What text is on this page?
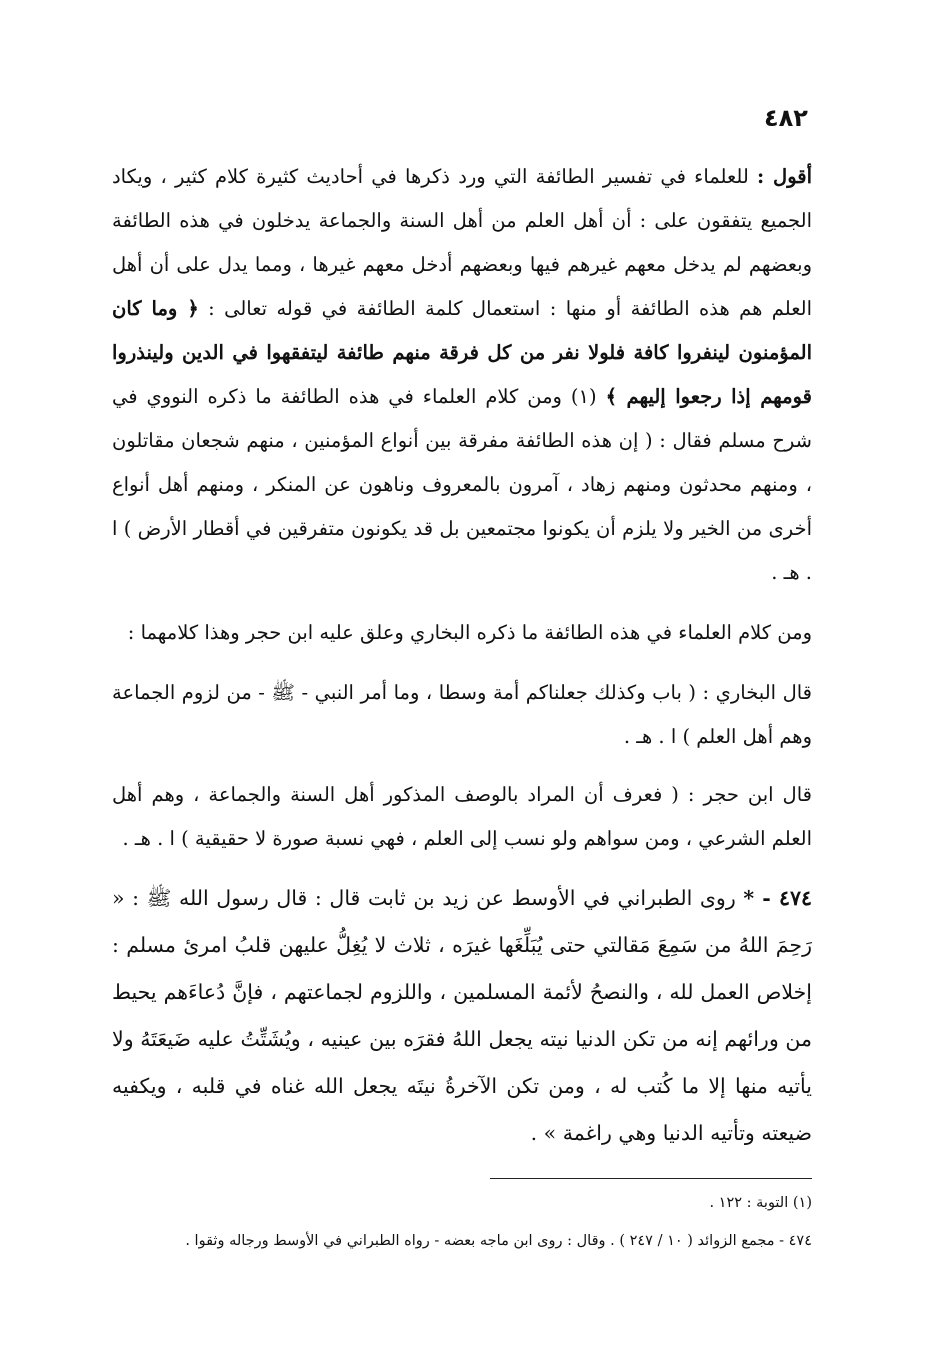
٤٨٢

أقول : للعلماء في تفسير الطائفة التي ورد ذكرها في أحاديث كثيرة كلام كثير ، ويكاد الجميع يتفقون على : أن أهل العلم من أهل السنة والجماعة يدخلون في هذه الطائفة وبعضهم لم يدخل معهم غيرهم فيها وبعضهم أدخل معهم غيرها ، ومما يدل على أن أهل العلم هم هذه الطائفة أو منها : استعمال كلمة الطائفة في قوله تعالى : ﴿ وما كان المؤمنون لينفروا كافة فلولا نفر من كل فرقة منهم طائفة ليتفقهوا في الدين ولينذروا قومهم إذا رجعوا إليهم ﴾ (١) ومن كلام العلماء في هذه الطائفة ما ذكره النووي في شرح مسلم فقال : ( إن هذه الطائفة مفرقة بين أنواع المؤمنين ، منهم شجعان مقاتلون ، ومنهم محدثون ومنهم زهاد ، آمرون بالمعروف وناهون عن المنكر ، ومنهم أهل أنواع أخرى من الخير ولا يلزم أن يكونوا مجتمعين بل قد يكونون متفرقين في أقطار الأرض ) ا . هـ .

ومن كلام العلماء في هذه الطائفة ما ذكره البخاري وعلق عليه ابن حجر وهذا كلامهما :

قال البخاري : ( باب وكذلك جعلناكم أمة وسطا ، وما أمر النبي - ﷺ - من لزوم الجماعة وهم أهل العلم ) ا . هـ .

قال ابن حجر : ( فعرف أن المراد بالوصف المذكور أهل السنة والجماعة ، وهم أهل العلم الشرعي ، ومن سواهم ولو نسب إلى العلم ، فهي نسبة صورة لا حقيقية ) ا . هـ .

٤٧٤ - * روى الطبراني في الأوسط عن زيد بن ثابت قال : قال رسول الله ﷺ : « رَحِمَ اللهُ من سَمِعَ مَقالتي حتى يُبَلِّغَها غيرَه ، ثلاث لا يُغِلُّ عليهن قلبُ امرئ مسلم : إخلاص العمل لله ، والنصحُ لأئمة المسلمين ، واللزوم لجماعتهم ، فإنَّ دُعاءَهم يحيط من ورائهم إنه من تكن الدنيا نيته يجعل اللهُ فقرَه بين عينيه ، ويُشَتِّتُ عليه ضَيعَتَهُ ولا يأتيه منها إلا ما كُتب له ، ومن تكن الآخرةُ نيتَه يجعل الله غناه في قلبه ، ويكفيه ضيعته وتأتيه الدنيا وهي راغمة » .

(١) التوبة : ١٢٢ .
٤٧٤ - مجمع الزوائد ( ١٠ / ٢٤٧ ) . وقال : روى ابن ماجه بعضه - رواه الطبراني في الأوسط ورجاله وثقوا .
